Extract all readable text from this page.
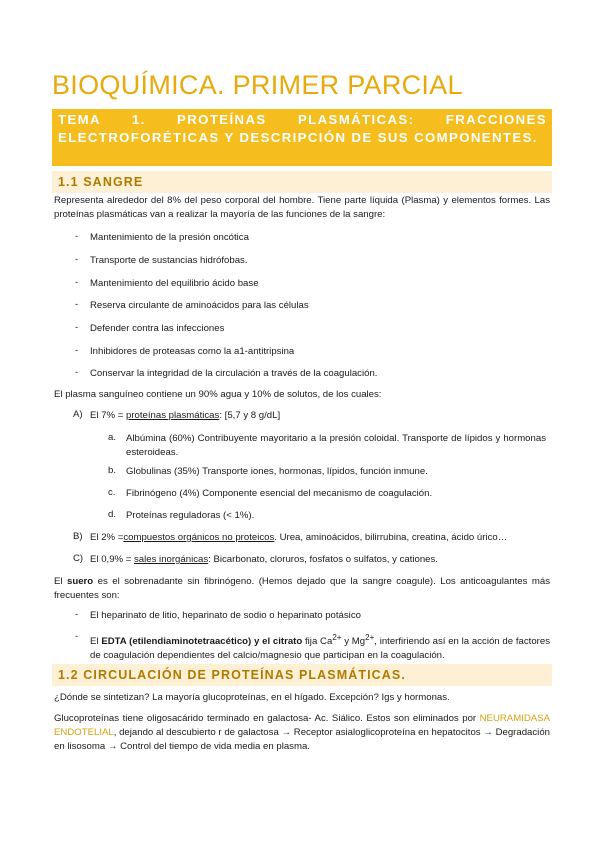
BIOQUÍMICA. PRIMER PARCIAL
TEMA 1. PROTEÍNAS PLASMÁTICAS: FRACCIONES ELECTROFORÉTICAS Y DESCRIPCIÓN DE SUS COMPONENTES.
1.1 SANGRE
Representa alrededor del 8% del peso corporal del hombre. Tiene parte líquida (Plasma) y elementos formes. Las proteínas plasmáticas van a realizar la mayoría de las funciones de la sangre:
- Mantenimiento de la presión oncótica
- Transporte de sustancias hidrófobas.
- Mantenimiento del equilibrio ácido base
- Reserva circulante de aminoácidos para las células
- Defender contra las infecciones
- Inhibidores de proteasas como la a1-antitripsina
- Conservar la integridad de la circulación a través de la coagulación.
El plasma sanguíneo contiene un 90% agua y 10% de solutos, de los cuales:
A) El 7% = proteínas plasmáticas: [5,7 y 8 g/dL]
a. Albúmina (60%) Contribuyente mayoritario a la presión coloidal. Transporte de lípidos y hormonas esteroideas.
b. Globulinas (35%) Transporte iones, hormonas, lípidos, función inmune.
c. Fibrinógeno (4%) Componente esencial del mecanismo de coagulación.
d. Proteínas reguladoras (< 1%).
B) El 2% =compuestos orgánicos no proteicos. Urea, aminoácidos, bilirrubina, creatina, ácido úrico…
C) El 0,9% = sales inorgánicas: Bicarbonato, cloruros, fosfatos o sulfatos, y cationes.
El suero es el sobrenadante sin fibrinógeno. (Hemos dejado que la sangre coagule). Los anticoagulantes más frecuentes son:
- El heparinato de litio, heparinato de sodio o heparinato potásico
- El EDTA (etilendiaminotetraacético) y el citrato fija $Ca^{2+}$ y $Mg^{2+}$, interfiriendo así en la acción de factores de coagulación dependientes del calcio/magnesio que participan en la coagulación.
1.2 CIRCULACIÓN DE PROTEÍNAS PLASMÁTICAS.
¿Dónde se sintetizan? La mayoría glucoproteínas, en el hígado. Excepción? Igs y hormonas.
Glucoproteínas tiene oligosacárido terminado en galactosa- Ac. Siálico. Estos son eliminados por NEURAMIDASA ENDOTELIAL, dejando al descubierto r de galactosa → Receptor asialoglicoproteína en hepatocitos → Degradación en lisosoma → Control del tiempo de vida media en plasma.
